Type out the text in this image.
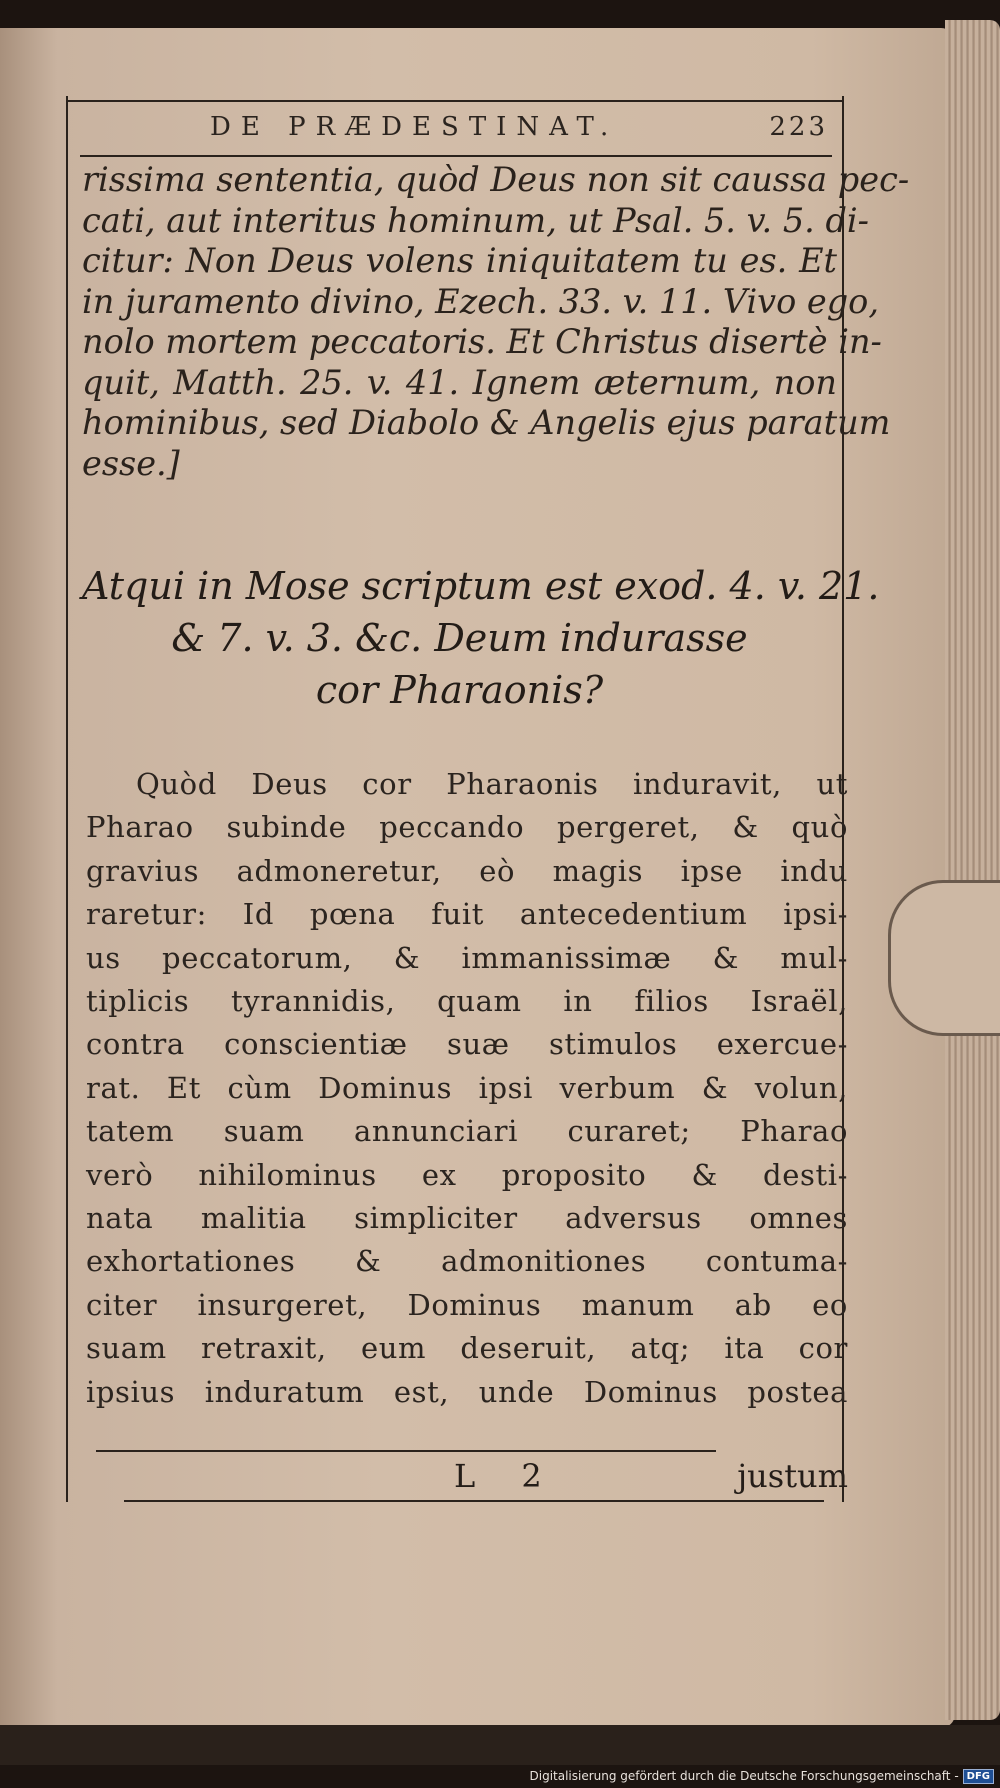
DE PRÆDESTINAT.	223
rissima sententia, quòd Deus non sit caussa pec-
cati, aut interitus hominum, ut Psal. 5. v. 5. di-
citur: Non Deus volens iniquitatem tu es. Et
in juramento divino, Ezech. 33. v. 11. Vivo ego,
nolo mortem peccatoris. Et Christus disertè in-
quit, Matth. 25. v. 41. Ignem æternum, non
hominibus, sed Diabolo & Angelis ejus paratum
esse.]
Atqui in Mose scriptum est exod. 4. v. 21.
& 7. v. 3. &c. Deum indurasse
cor Pharaonis?
Quòd Deus cor Pharaonis induravit, ut
Pharao subinde peccando pergeret, & quò
gravius admoneretur, eò magis ipse indu
raretur: Id pœna fuit antecedentium ipsi-
us peccatorum, & immanissimæ & mul-
tiplicis tyrannidis, quam in filios Israël,
contra conscientiæ suæ stimulos exercue-
rat. Et cùm Dominus ipsi verbum & volun,
tatem suam annunciari curaret; Pharao
verò nihilominus ex proposito & desti-
nata malitia simpliciter adversus omnes
exhortationes & admonitiones contuma-
citer insurgeret, Dominus manum ab eo
suam retraxit, eum deseruit, atq; ita cor
ipsius induratum est, unde Dominus postea
L 2	justum
Digitalisierung gefördert durch die Deutsche Forschungsgemeinschaft - DFG
